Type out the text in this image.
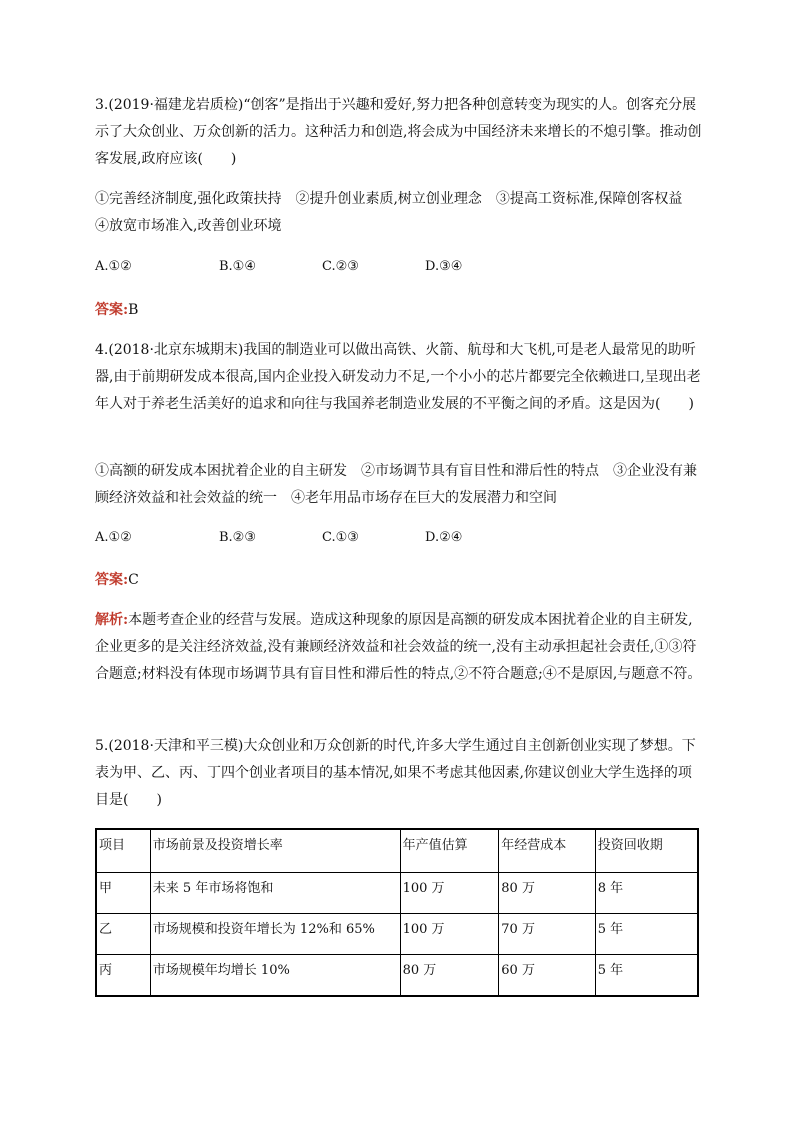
3.(2019·福建龙岩质检)“创客”是指出于兴趣和爱好,努力把各种创意转变为现实的人。创客充分展示了大众创业、万众创新的活力。这种活力和创造,将会成为中国经济未来增长的不熄引擎。推动创客发展,政府应该(　　)

①完善经济制度,强化政策扶持　②提升创业素质,树立创业理念　③提高工资标准,保障创客权益　④放宽市场准入,改善创业环境

A.①②	B.①④	C.②③	D.③④
答案:B

4.(2018·北京东城期末)我国的制造业可以做出高铁、火箭、航母和大飞机,可是老人最常见的助听器,由于前期研发成本很高,国内企业投入研发动力不足,一个小小的芯片都要完全依赖进口,呈现出老年人对于养老生活美好的追求和向往与我国养老制造业发展的不平衡之间的矛盾。这是因为(　　)

①高额的研发成本困扰着企业的自主研发　②市场调节具有盲目性和滞后性的特点　③企业没有兼顾经济效益和社会效益的统一　④老年用品市场存在巨大的发展潜力和空间

A.①②	B.②③	C.①③	D.②④
答案:C

解析:本题考查企业的经营与发展。造成这种现象的原因是高额的研发成本困扰着企业的自主研发,企业更多的是关注经济效益,没有兼顾经济效益和社会效益的统一,没有主动承担起社会责任,①③符合题意;材料没有体现市场调节具有盲目性和滞后性的特点,②不符合题意;④不是原因,与题意不符。

5.(2018·天津和平三模)大众创业和万众创新的时代,许多大学生通过自主创新创业实现了梦想。下表为甲、乙、丙、丁四个创业者项目的基本情况,如果不考虑其他因素,你建议创业大学生选择的项目是(　　)

项目	市场前景及投资增长率	年产值估算	年经营成本	投资回收期
甲	未来 5 年市场将饱和	100 万	80 万	8 年
乙	市场规模和投资年增长为 12%和 65%	100 万	70 万	5 年
丙	市场规模年均增长 10%	80 万	60 万	5 年
